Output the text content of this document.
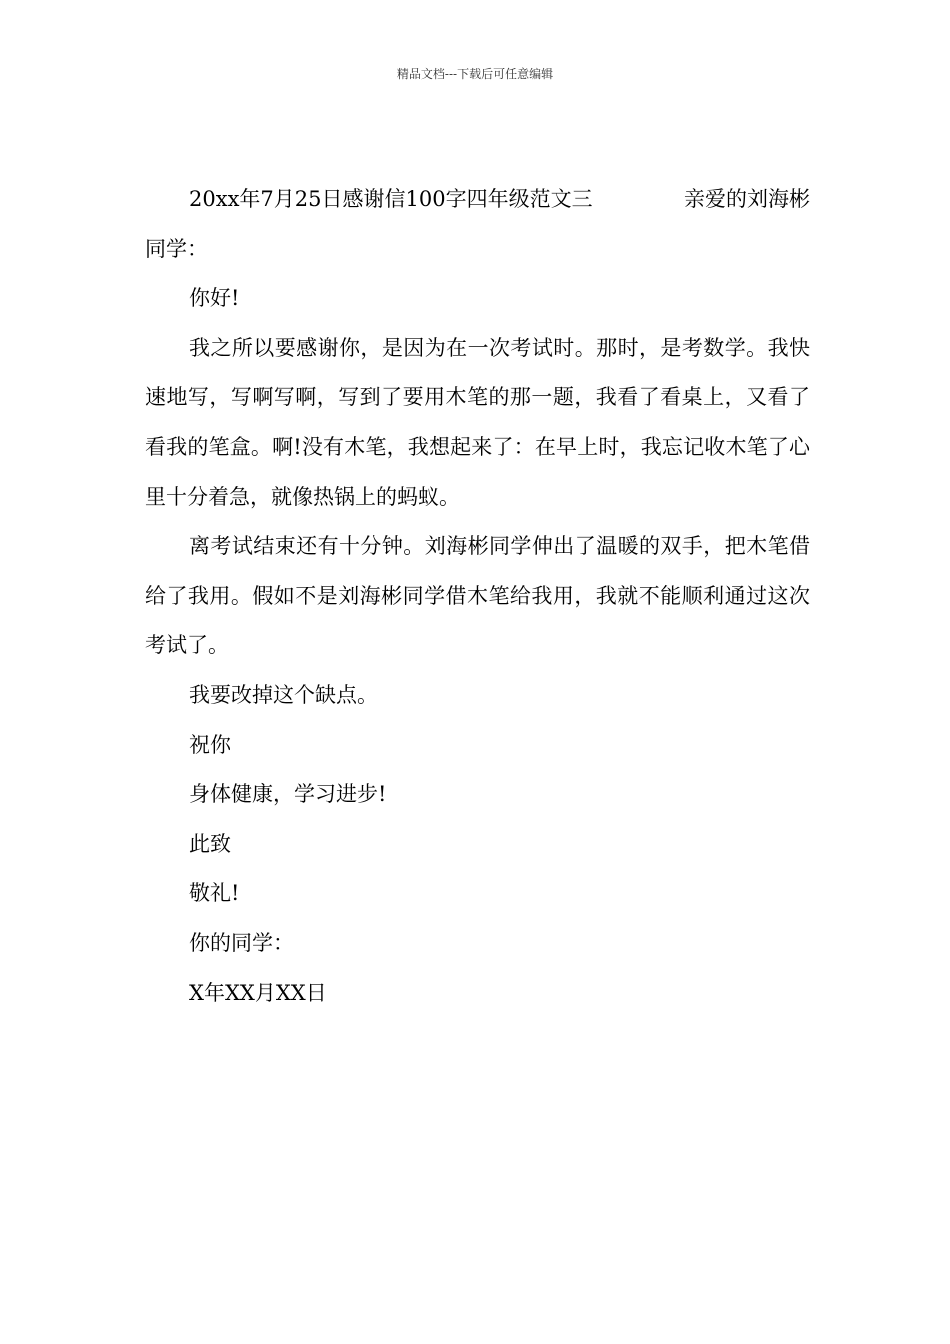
精品文档---下载后可任意编辑
20xx年7月25日感谢信100字四年级范文三	亲爱的刘海彬
同学：

你好!

我之所以要感谢你，是因为在一次考试时。那时，是考数学。我快速地写，写啊写啊，写到了要用木笔的那一题，我看了看桌上，又看了看我的笔盒。啊!没有木笔，我想起来了：在早上时，我忘记收木笔了心里十分着急，就像热锅上的蚂蚁。

离考试结束还有十分钟。刘海彬同学伸出了温暖的双手，把木笔借给了我用。假如不是刘海彬同学借木笔给我用，我就不能顺利通过这次考试了。

我要改掉这个缺点。

祝你

身体健康，学习进步!

此致

敬礼!

你的同学：

X年XX月XX日
